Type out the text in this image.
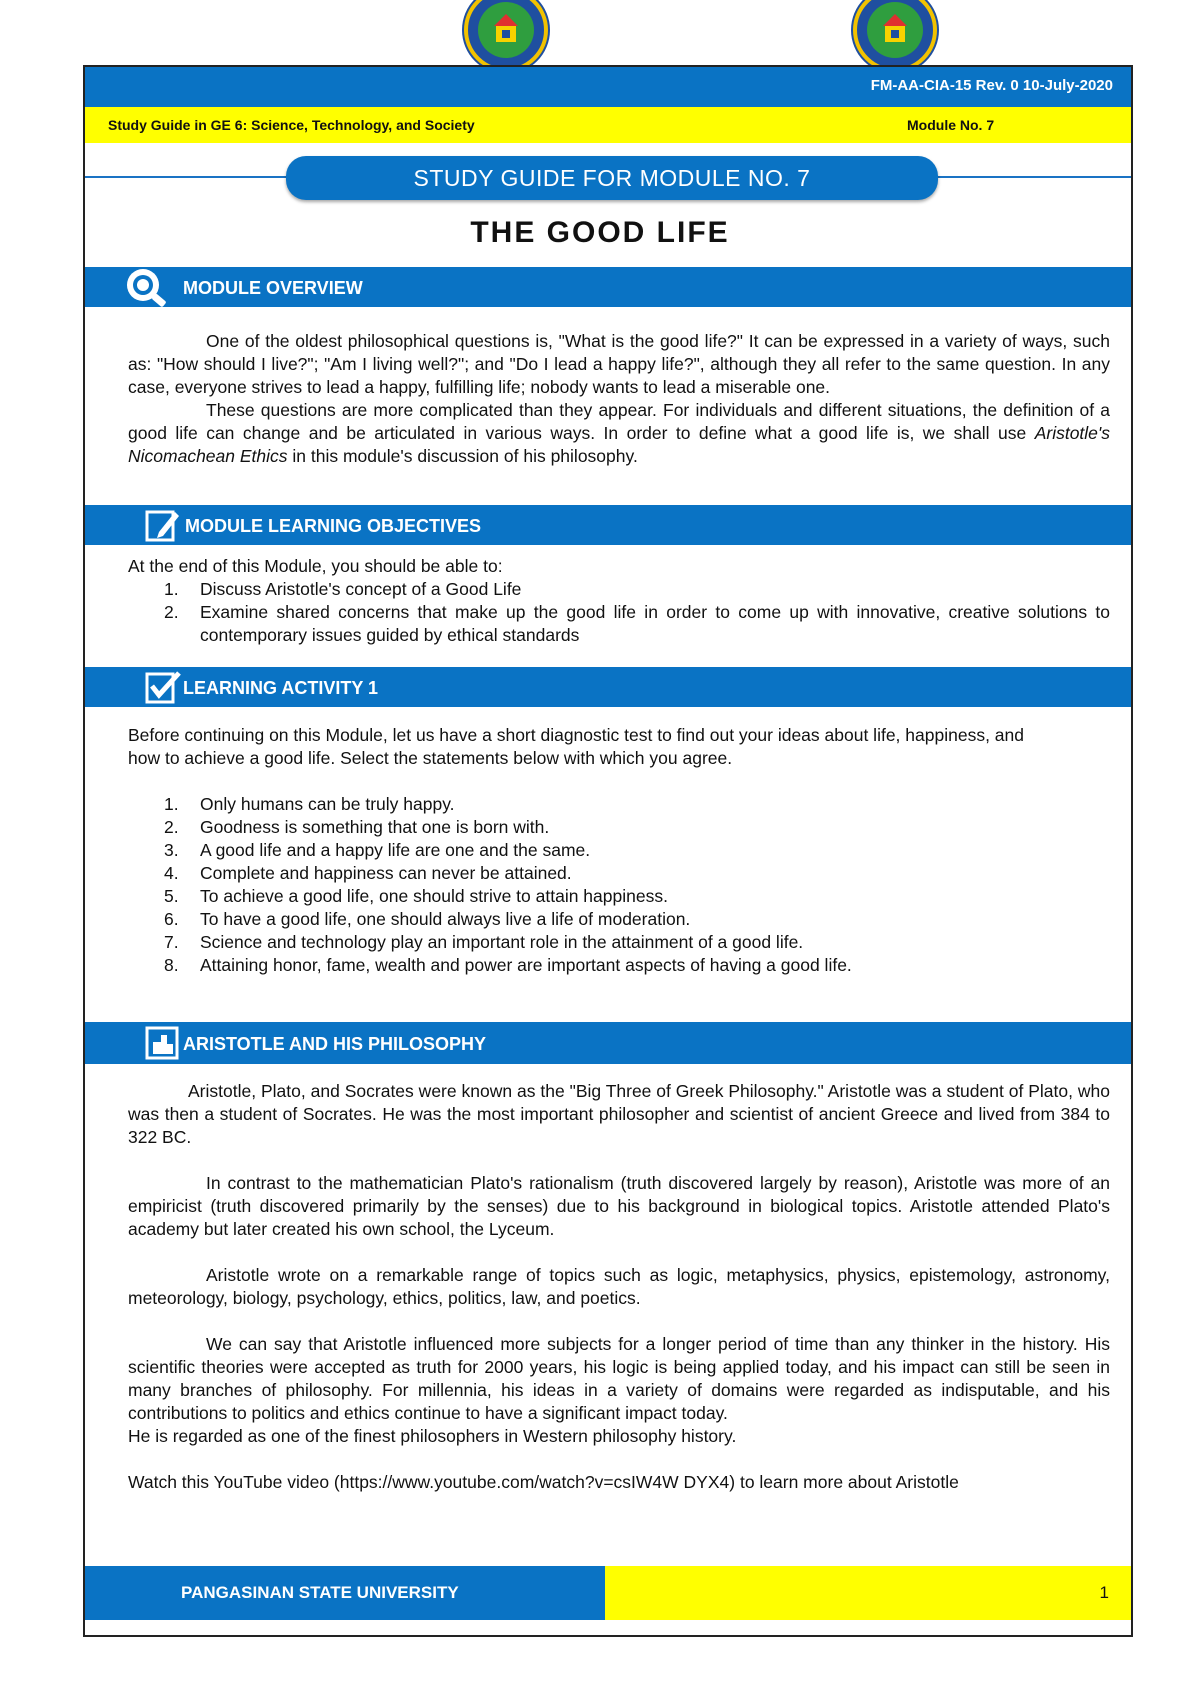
FM-AA-CIA-15 Rev. 0 10-July-2020
Study Guide in GE 6: Science, Technology, and Society	Module No. 7
STUDY GUIDE FOR MODULE NO. 7
THE GOOD LIFE
MODULE OVERVIEW
One of the oldest philosophical questions is, "What is the good life?" It can be expressed in a variety of ways, such as: "How should I live?"; "Am I living well?"; and "Do I lead a happy life?", although they all refer to the same question. In any case, everyone strives to lead a happy, fulfilling life; nobody wants to lead a miserable one.
These questions are more complicated than they appear. For individuals and different situations, the definition of a good life can change and be articulated in various ways. In order to define what a good life is, we shall use Aristotle's Nicomachean Ethics in this module's discussion of his philosophy.
MODULE LEARNING OBJECTIVES
At the end of this Module, you should be able to:
1. Discuss Aristotle's concept of a Good Life
2. Examine shared concerns that make up the good life in order to come up with innovative, creative solutions to contemporary issues guided by ethical standards
LEARNING ACTIVITY 1
Before continuing on this Module, let us have a short diagnostic test to find out your ideas about life, happiness, and how to achieve a good life. Select the statements below with which you agree.
1. Only humans can be truly happy.
2. Goodness is something that one is born with.
3. A good life and a happy life are one and the same.
4. Complete and happiness can never be attained.
5. To achieve a good life, one should strive to attain happiness.
6. To have a good life, one should always live a life of moderation.
7. Science and technology play an important role in the attainment of a good life.
8. Attaining honor, fame, wealth and power are important aspects of having a good life.
ARISTOTLE AND HIS PHILOSOPHY
Aristotle, Plato, and Socrates were known as the "Big Three of Greek Philosophy." Aristotle was a student of Plato, who was then a student of Socrates. He was the most important philosopher and scientist of ancient Greece and lived from 384 to 322 BC.
In contrast to the mathematician Plato's rationalism (truth discovered largely by reason), Aristotle was more of an empiricist (truth discovered primarily by the senses) due to his background in biological topics. Aristotle attended Plato's academy but later created his own school, the Lyceum.
Aristotle wrote on a remarkable range of topics such as logic, metaphysics, physics, epistemology, astronomy, meteorology, biology, psychology, ethics, politics, law, and poetics.
We can say that Aristotle influenced more subjects for a longer period of time than any thinker in the history. His scientific theories were accepted as truth for 2000 years, his logic is being applied today, and his impact can still be seen in many branches of philosophy. For millennia, his ideas in a variety of domains were regarded as indisputable, and his contributions to politics and ethics continue to have a significant impact today.
He is regarded as one of the finest philosophers in Western philosophy history.
Watch this YouTube video (https://www.youtube.com/watch?v=csIW4W DYX4) to learn more about Aristotle
PANGASINAN STATE UNIVERSITY	1
